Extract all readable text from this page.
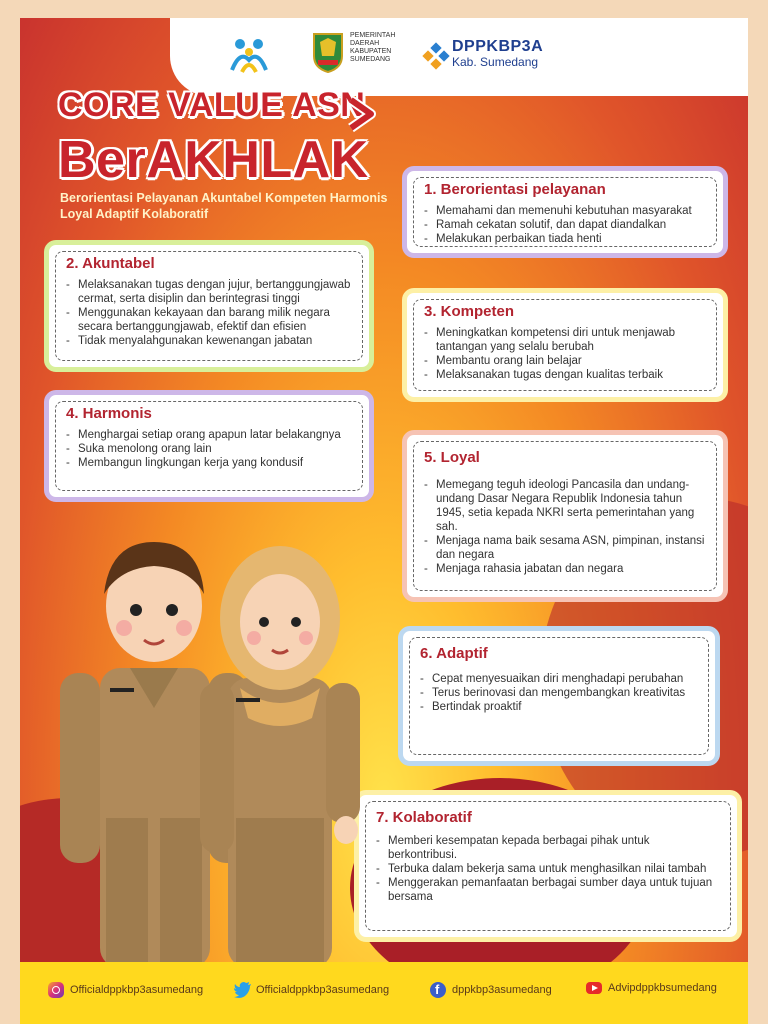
PEMERINTAH
DAERAH
KABUPATEN
SUMEDANG
DPPKBP3A
Kab. Sumedang
CORE VALUE ASN
BerAKHLAK
Berorientasi Pelayanan Akuntabel Kompeten Harmonis Loyal Adaptif Kolaboratif
1. Berorientasi pelayanan
- Memahami dan memenuhi kebutuhan masyarakat
- Ramah cekatan solutif, dan dapat diandalkan
- Melakukan perbaikan tiada henti
2. Akuntabel
- Melaksanakan tugas dengan jujur, bertanggungjawab cermat, serta disiplin dan berintegrasi tinggi
- Menggunakan kekayaan dan barang milik negara secara bertanggungjawab, efektif dan efisien
- Tidak menyalahgunakan kewenangan jabatan
3. Kompeten
- Meningkatkan kompetensi diri untuk menjawab tantangan yang selalu berubah
- Membantu orang lain belajar
- Melaksanakan tugas dengan kualitas terbaik
4. Harmonis
- Menghargai setiap orang apapun latar belakangnya
- Suka menolong orang lain
- Membangun lingkungan kerja yang kondusif	5. Loyal
- Memegang teguh ideologi Pancasila dan undang-undang Dasar Negara Republik Indonesia tahun 1945, setia kepada NKRI serta pemerintahan yang sah.
- Menjaga nama baik sesama ASN, pimpinan, instansi dan negara
- Menjaga rahasia jabatan dan negara
6. Adaptif
- Cepat menyesuaikan diri menghadapi perubahan
- Terus berinovasi dan mengembangkan kreativitas
- Bertindak proaktif
7. Kolaboratif
- Memberi kesempatan kepada berbagai pihak untuk berkontribusi.
- Terbuka dalam bekerja sama untuk menghasilkan nilai tambah
- Menggerakan pemanfaatan berbagai sumber daya untuk tujuan bersama
Officialdppkbp3asumedang	Officialdppkbp3asumedang	f dppkbp3asumedang	Advipdppkbsumedang
